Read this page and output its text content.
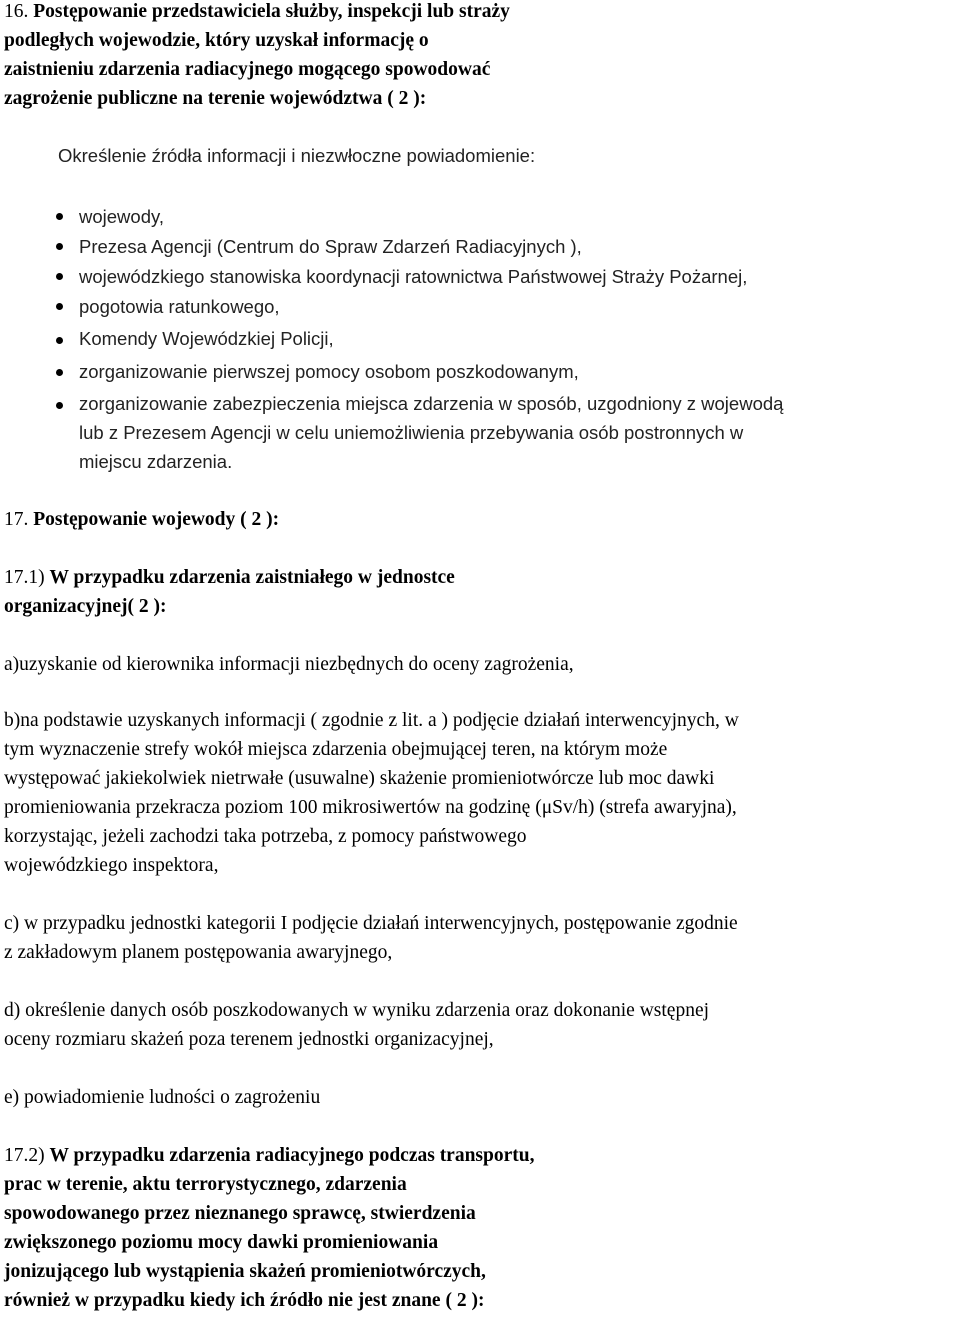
16. Postępowanie przedstawiciela służby, inspekcji lub straży
podległych wojewodzie, który uzyskał informację o
zaistnieniu zdarzenia radiacyjnego mogącego spowodować
zagrożenie publiczne na terenie województwa ( 2 ):
Określenie źródła informacji i niezwłoczne powiadomienie:
wojewody,
Prezesa Agencji (Centrum do Spraw Zdarzeń Radiacyjnych ),
wojewódzkiego stanowiska koordynacji ratownictwa Państwowej Straży Pożarnej,
pogotowia ratunkowego,
Komendy Wojewódzkiej Policji,
zorganizowanie pierwszej pomocy osobom poszkodowanym,
zorganizowanie zabezpieczenia miejsca zdarzenia w sposób, uzgodniony z wojewodą
lub z Prezesem Agencji w celu uniemożliwienia przebywania osób postronnych w
miejscu zdarzenia.
17. Postępowanie wojewody ( 2 ):
17.1) W przypadku zdarzenia zaistniałego w jednostce
organizacyjnej( 2 ):
a)uzyskanie od kierownika informacji niezbędnych do oceny zagrożenia,
b)na podstawie uzyskanych informacji ( zgodnie z lit. a ) podjęcie działań interwencyjnych, w
tym wyznaczenie strefy wokół miejsca zdarzenia obejmującej teren, na którym może
występować jakiekolwiek nietrwałe (usuwalne) skażenie promieniotwórcze lub moc dawki
promieniowania przekracza poziom 100 mikrosiwertów na godzinę (μSv/h) (strefa awaryjna),
korzystając, jeżeli zachodzi taka potrzeba, z pomocy państwowego
wojewódzkiego inspektora,
c) w przypadku jednostki kategorii I podjęcie działań interwencyjnych, postępowanie zgodnie
z zakładowym planem postępowania awaryjnego,
d) określenie danych osób poszkodowanych w wyniku zdarzenia oraz dokonanie wstępnej
oceny rozmiaru skażeń poza terenem jednostki organizacyjnej,
e) powiadomienie ludności o zagrożeniu
17.2) W przypadku zdarzenia radiacyjnego podczas transportu,
prac w terenie, aktu terrorystycznego, zdarzenia
spowodowanego przez nieznanego sprawcę, stwierdzenia
zwiększonego poziomu mocy dawki promieniowania
jonizującego lub wystąpienia skażeń promieniotwórczych,
również w przypadku kiedy ich źródło nie jest znane ( 2 ):
